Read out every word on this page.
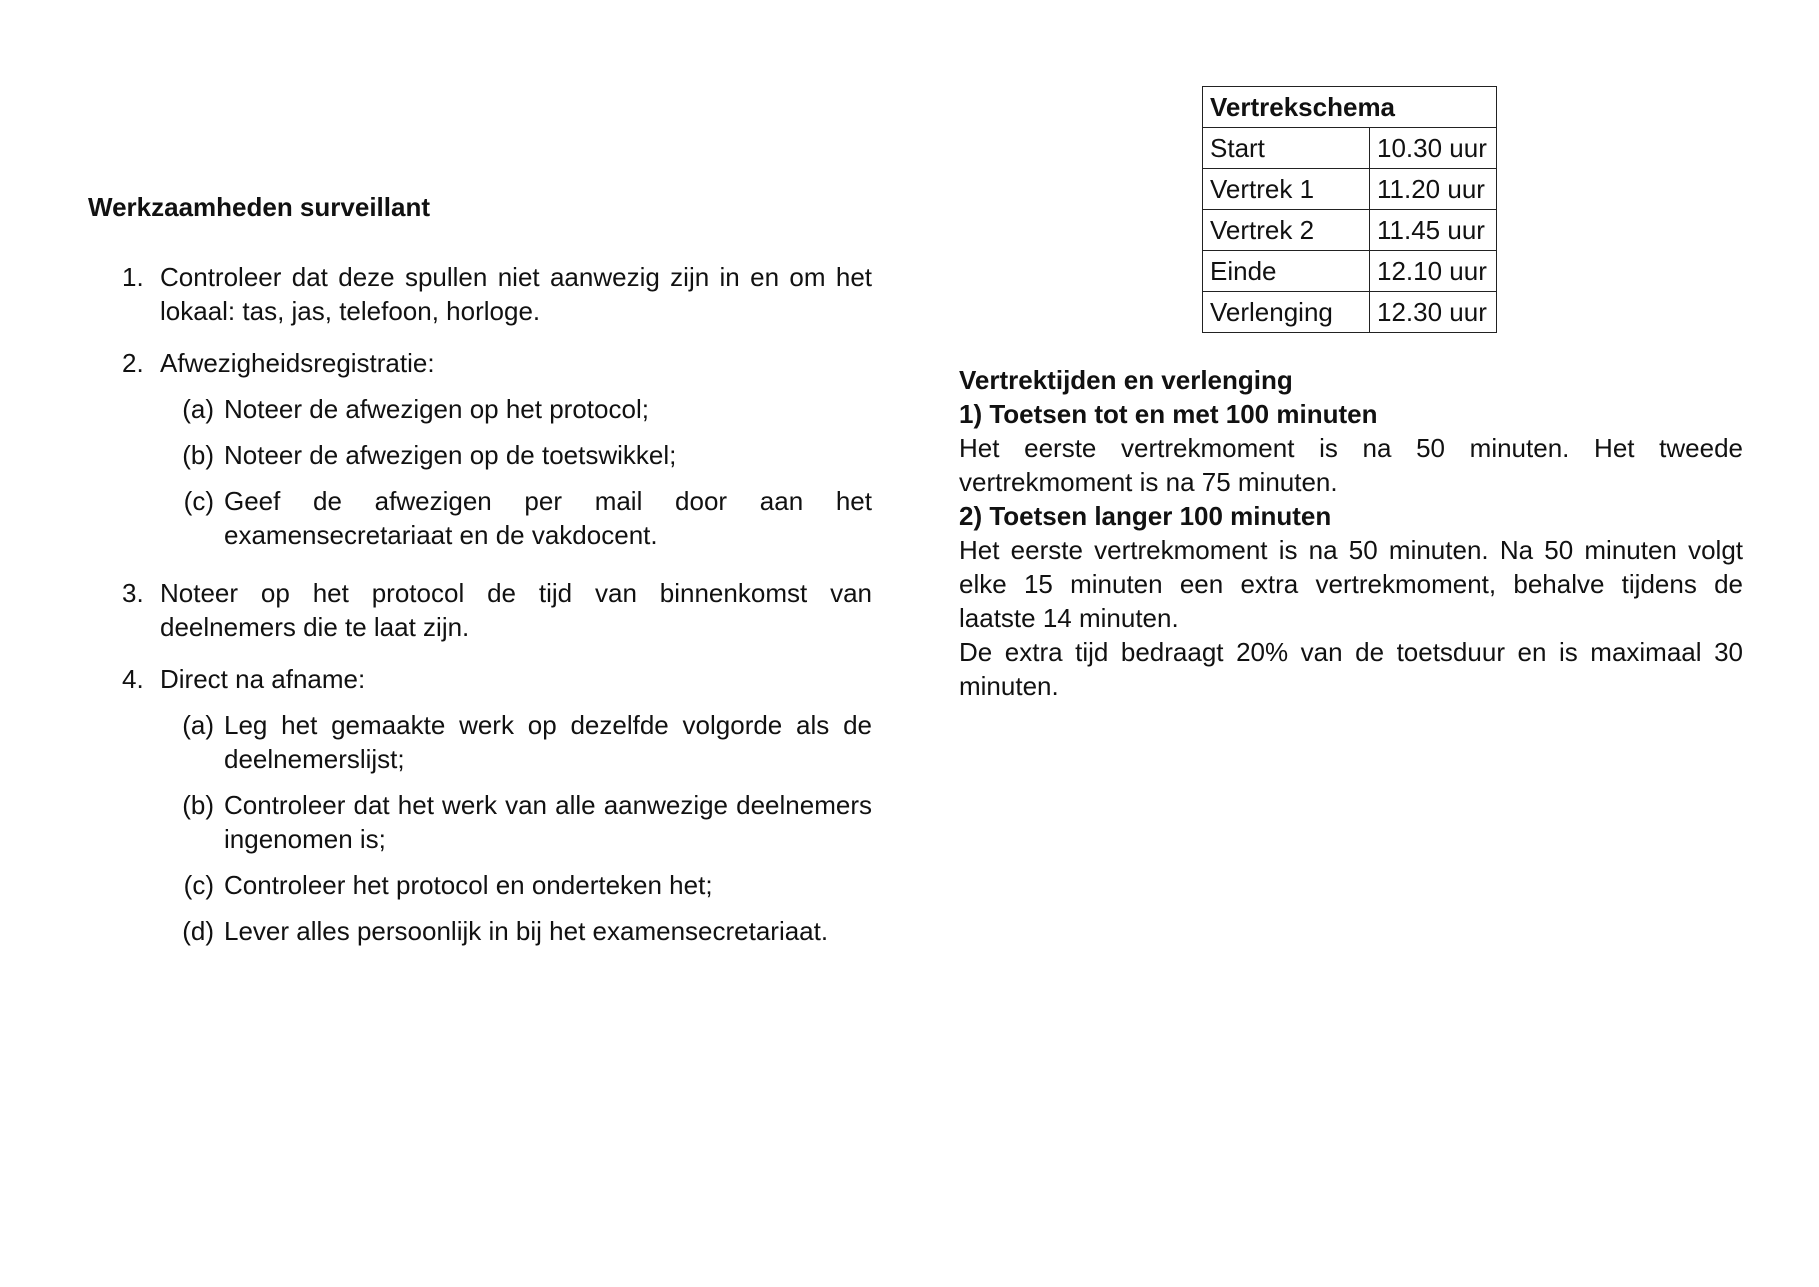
Vertrekschema	
Start	10.30 uur
Vertrek 1	11.20 uur
Vertrek 2	11.45 uur
Einde	12.10 uur
Verlenging	12.30 uur

Werkzaamheden surveillant

1. Controleer dat deze spullen niet aanwezig zijn in en om het lokaal: tas, jas, telefoon, horloge.
2. Afwezigheidsregistratie:
(a) Noteer de afwezigen op het protocol;
(b) Noteer de afwezigen op de toetswikkel;
(c) Geef de afwezigen per mail door aan het examensecretariaat en de vakdocent.
3. Noteer op het protocol de tijd van binnenkomst van deelnemers die te laat zijn.
4. Direct na afname:
(a) Leg het gemaakte werk op dezelfde volgorde als de deelnemerslijst;
(b) Controleer dat het werk van alle aanwezige deelnemers ingenomen is;
(c) Controleer het protocol en onderteken het;
(d) Lever alles persoonlijk in bij het examensecretariaat.

Vertrektijden en verlenging

1) Toetsen tot en met 100 minuten

Het eerste vertrekmoment is na 50 minuten. Het tweede vertrekmoment is na 75 minuten.

2) Toetsen langer 100 minuten

Het eerste vertrekmoment is na 50 minuten. Na 50 minuten volgt elke 15 minuten een extra vertrekmoment, behalve tijdens de laatste 14 minuten.

De extra tijd bedraagt 20% van de toetsduur en is maximaal 30 minuten.
